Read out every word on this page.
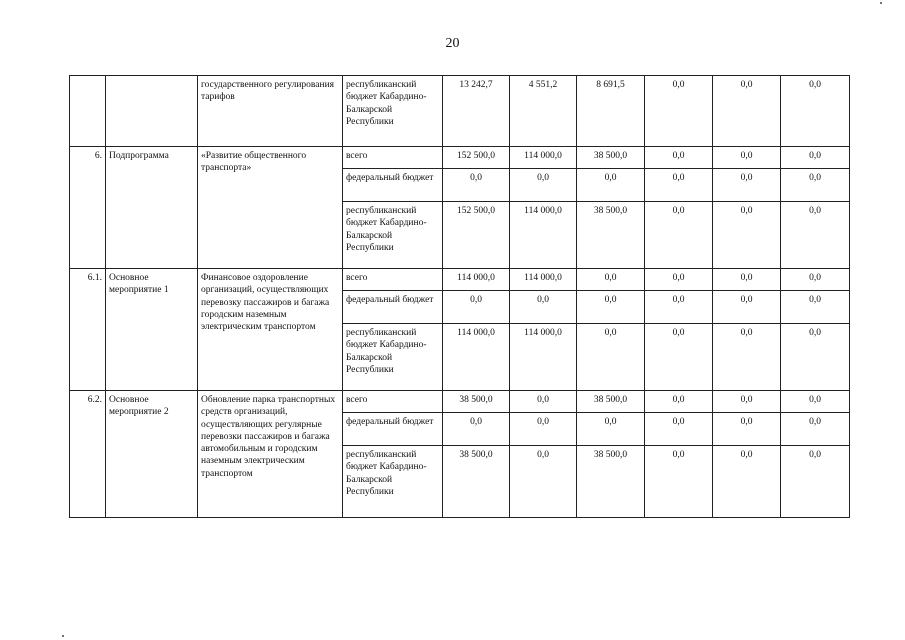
20
		государственного регулирования тарифов	республиканский бюджет Кабардино-Балкарской Республики	13 242,7	4 551,2	8 691,5	0,0	0,0	0,0
6.	Подпрограмма	«Развитие общественного транспорта»	всего	152 500,0	114 000,0	38 500,0	0,0	0,0	0,0
			федеральный бюджет	0,0	0,0	0,0	0,0	0,0	0,0
			республиканский бюджет Кабардино-Балкарской Республики	152 500,0	114 000,0	38 500,0	0,0	0,0	0,0
6.1.	Основное мероприятие 1	Финансовое оздоровление организаций, осуществляющих перевозку пассажиров и багажа городским наземным электрическим транспортом	всего	114 000,0	114 000,0	0,0	0,0	0,0	0,0
			федеральный бюджет	0,0	0,0	0,0	0,0	0,0	0,0
			республиканский бюджет Кабардино-Балкарской Республики	114 000,0	114 000,0	0,0	0,0	0,0	0,0
6.2.	Основное мероприятие 2	Обновление парка транспортных средств организаций, осуществляющих регулярные перевозки пассажиров и багажа автомобильным и городским наземным электрическим транспортом	всего	38 500,0	0,0	38 500,0	0,0	0,0	0,0
			федеральный бюджет	0,0	0,0	0,0	0,0	0,0	0,0
			республиканский бюджет Кабардино-Балкарской Республики	38 500,0	0,0	38 500,0	0,0	0,0	0,0
